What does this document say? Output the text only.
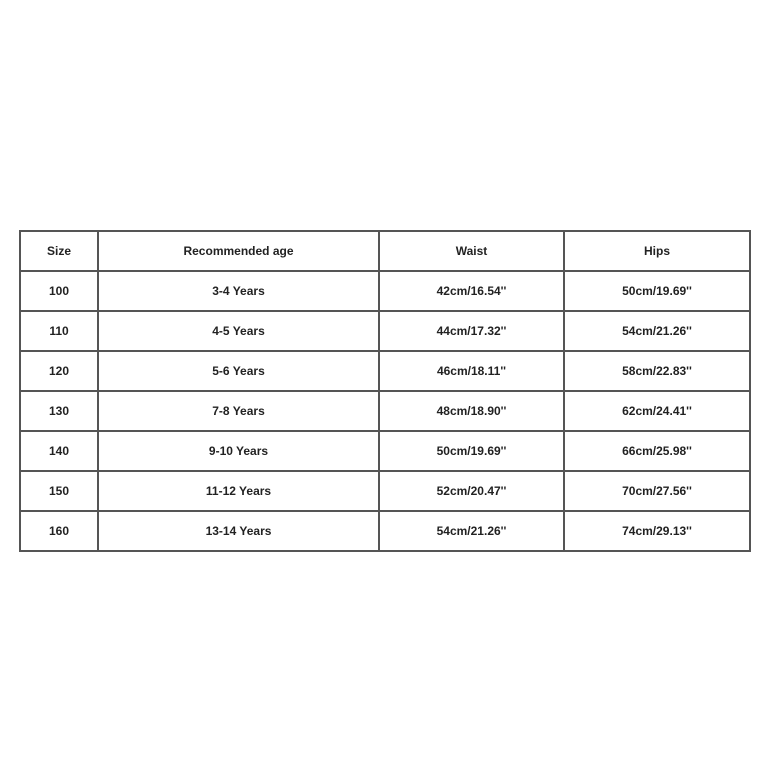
Size	Recommended age	Waist	Hips
100	3-4 Years	42cm/16.54''	50cm/19.69''
110	4-5 Years	44cm/17.32''	54cm/21.26''
120	5-6 Years	46cm/18.11''	58cm/22.83''
130	7-8 Years	48cm/18.90''	62cm/24.41''
140	9-10 Years	50cm/19.69''	66cm/25.98''
150	11-12 Years	52cm/20.47''	70cm/27.56''
160	13-14 Years	54cm/21.26''	74cm/29.13''
